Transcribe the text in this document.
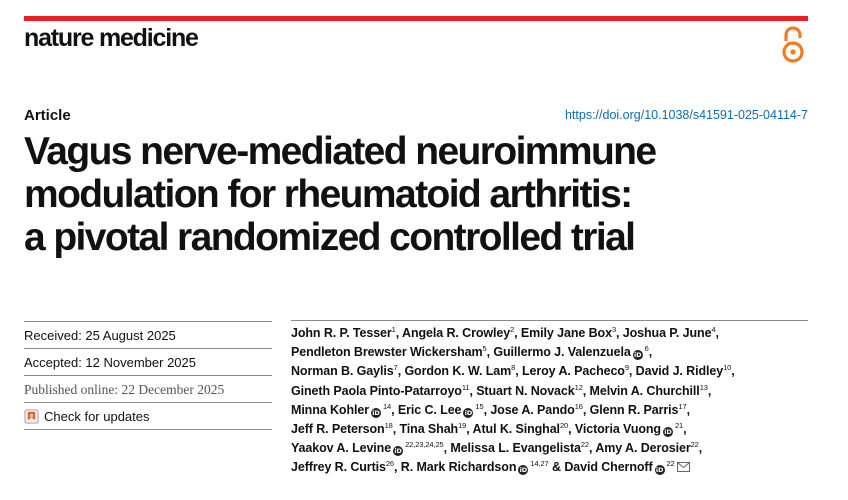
nature medicine
Article	https://doi.org/10.1038/s41591-025-04114-7
Vagus nerve-mediated neuroimmune
modulation for rheumatoid arthritis:
a pivotal randomized controlled trial
Received: 25 August 2025
Accepted: 12 November 2025
Published online: 22 December 2025
Check for updates
John R. P. Tesser$^1$, Angela R. Crowley$^2$, Emily Jane Box$^3$, Joshua P. June$^4$,
Pendleton Brewster Wickersham$^5$, Guillermo J. Valenzuela $iD^6$,
Norman B. Gaylis$^7$, Gordon K. W. Lam$^8$, Leroy A. Pacheco$^9$, David J. Ridley$^{10}$,
Gineth Paola Pinto-Patarroyo$^{11}$, Stuart N. Novack$^{12}$, Melvin A. Churchill$^{13}$,
Minna Kohler $iD^{14}$, Eric C. Lee $iD^{15}$, Jose A. Pando$^{16}$, Glenn R. Parris$^{17}$,
Jeff R. Peterson$^{18}$, Tina Shah$^{19}$, Atul K. Singhal$^{20}$, Victoria Vuong $iD^{21}$,
Yaakov A. Levine iD$^{22,23,24,25}$, Melissa L. Evangelista$^{22}$, Amy A. Derosier$^{22}$,
Jeffrey R. Curtis$^{26}$, R. Mark Richardson iD$^{14,27}$ & David Chernoff $iD^{22}$
